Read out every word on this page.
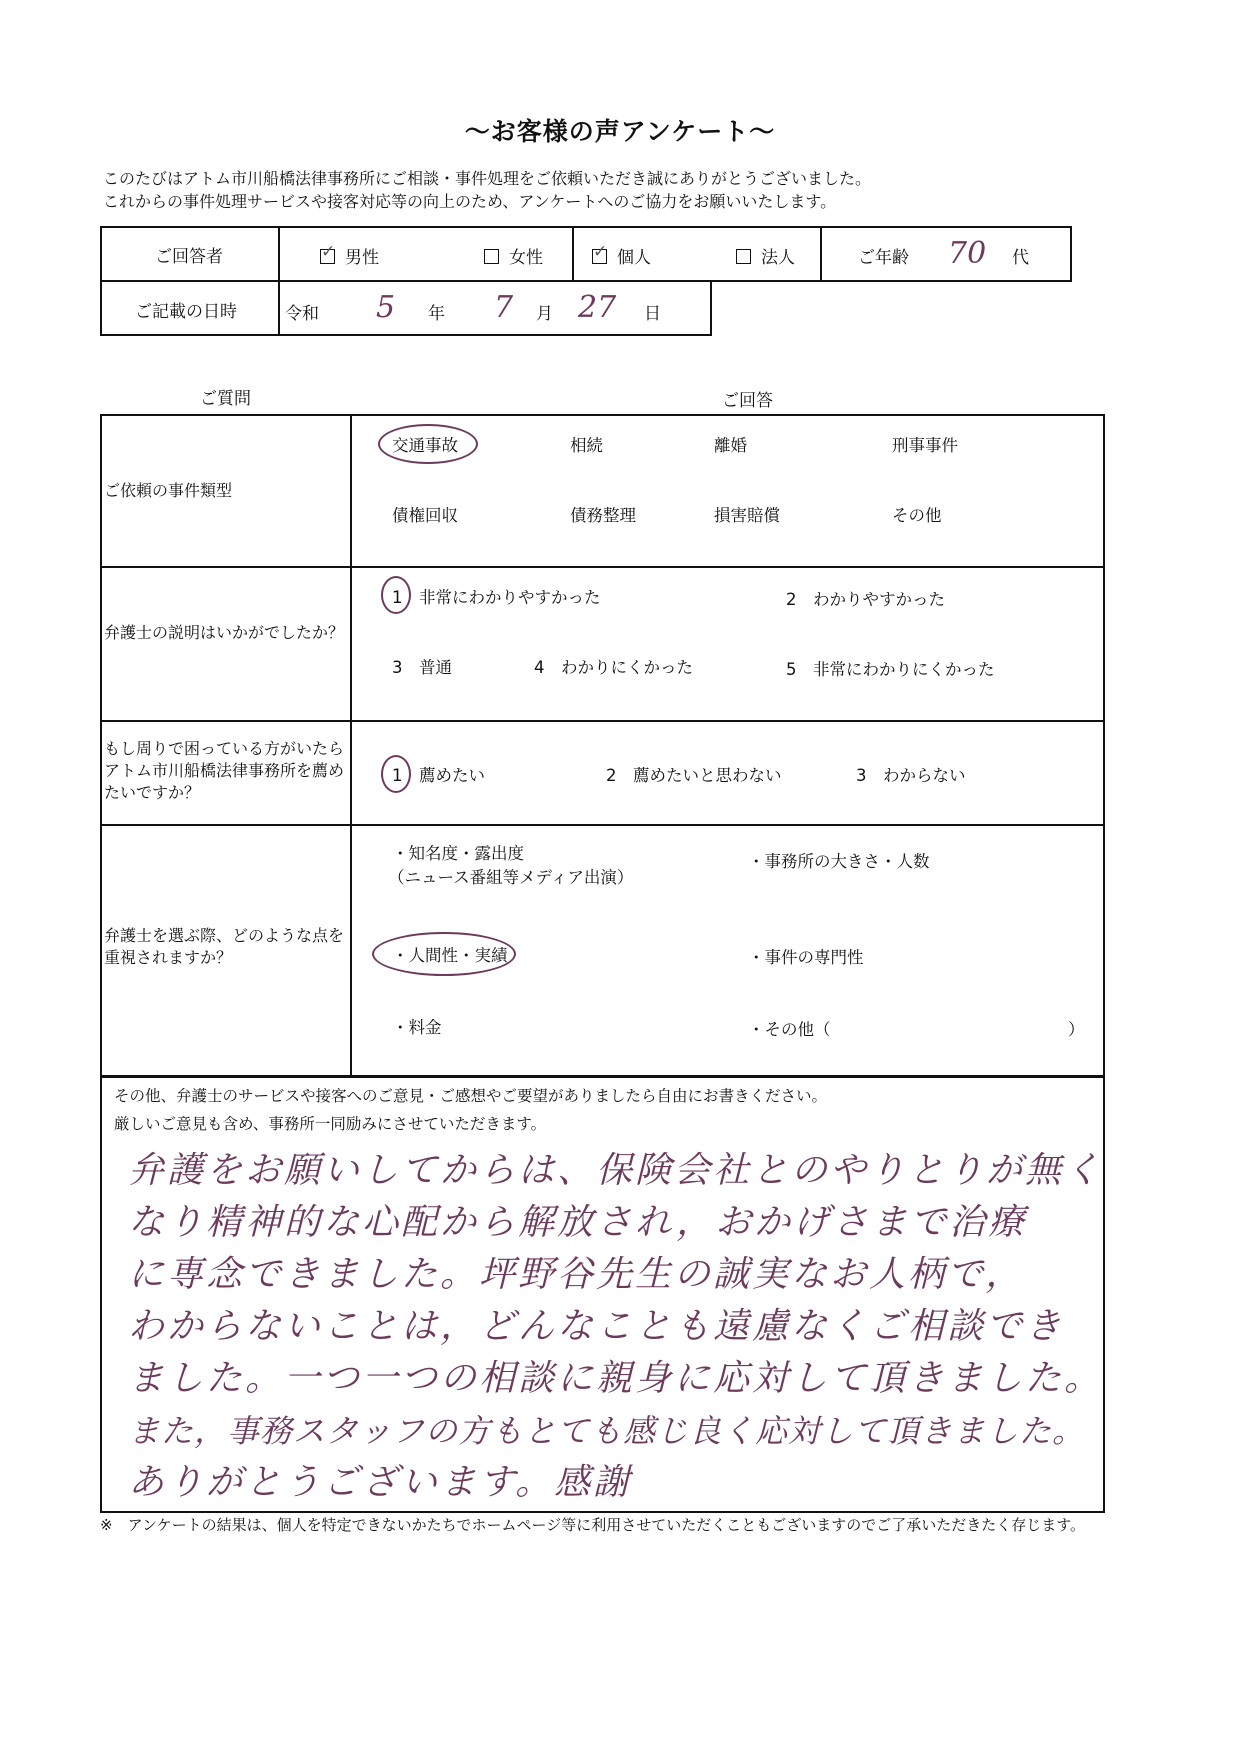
〜お客様の声アンケート〜
このたびはアトム市川船橋法律事務所にご相談・事件処理をご依頼いただき誠にありがとうございました。
これからの事件処理サービスや接客対応等の向上のため、アンケートへのご協力をお願いいたします。
ご回答者 ✓	男性	女性 ✓	個人	法人	ご年齢 70 代
ご記載の日時	令和 5 年 7 月 27 日
ご質問	ご回答
ご依頼の事件類型
交通事故	相続	離婚	刑事事件
債権回収	債務整理	損害賠償	その他
弁護士の説明はいかがでしたか？
1　非常にわかりやすかった	2　わかりやすかった
3　普通	4　わかりにくかった	5　非常にわかりにくかった
もし周りで困っている方がいたらアトム市川船橋法律事務所を薦めたいですか？
1　薦めたい	2　薦めたいと思わない	3　わからない
弁護士を選ぶ際、どのような点を重視されますか？
・知名度・露出度
（ニュース番組等メディア出演）
・事務所の大きさ・人数
・人間性・実績	・事件の専門性
・料金	・その他（	）
その他、弁護士のサービスや接客へのご意見・ご感想やご要望がありましたら自由にお書きください。
厳しいご意見も含め、事務所一同励みにさせていただきます。
弁護をお願いしてからは、保険会社とのやりとりが無く
なり精神的な心配から解放され，おかげさまで治療
に専念できました。坪野谷先生の誠実なお人柄で，
わからないことは，どんなことも遠慮なくご相談でき
ました。一つ一つの相談に親身に応対して頂きました。
また，事務スタッフの方もとても感じ良く応対して頂きました。
ありがとうございます。感謝
※　アンケートの結果は、個人を特定できないかたちでホームページ等に利用させていただくこともございますのでご了承いただきたく存じます。
